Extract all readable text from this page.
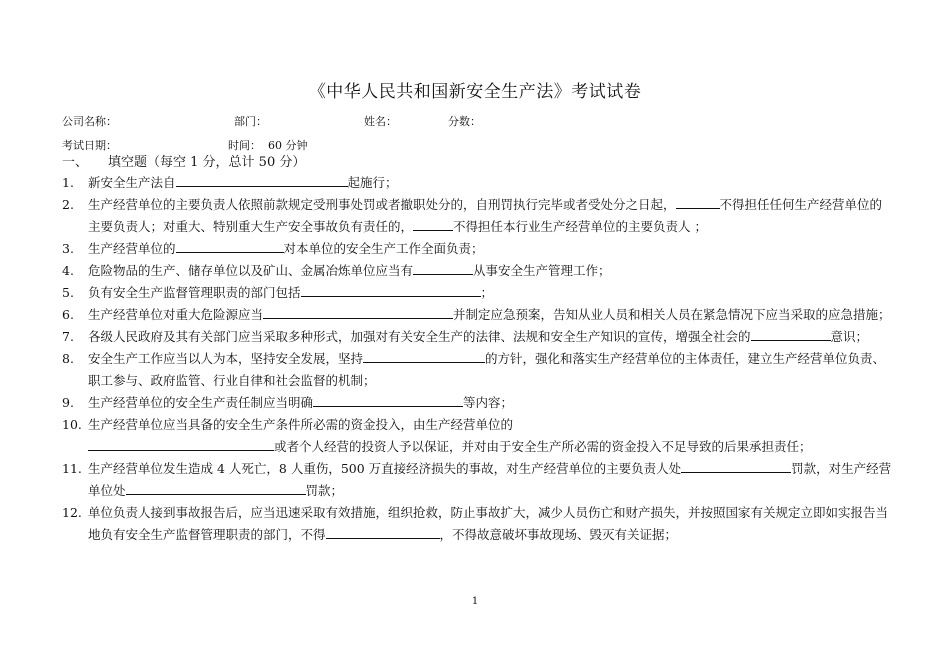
《中华人民共和国新安全生产法》考试试卷
公司名称：	部门：	姓名：	分数：
考试日期：	时间： 60 分钟
一、 填空题（每空 1 分，总计 50 分）
1. 新安全生产法自	起施行；
2. 生产经营单位的主要负责人依照前款规定受刑事处罚或者撤职处分的，自刑罚执行完毕或者受处分之日起，	不得担任任何生产经营单位的主要负责人；对重大、特别重大生产安全事故负有责任的，	不得担任本行业生产经营单位的主要负责人 ；
3. 生产经营单位的	对本单位的安全生产工作全面负责；
4. 危险物品的生产、储存单位以及矿山、金属冶炼单位应当有	从事安全生产管理工作；
5. 负有安全生产监督管理职责的部门包括	；
6. 生产经营单位对重大危险源应当	并制定应急预案，告知从业人员和相关人员在紧急情况下应当采取的应急措施；
7. 各级人民政府及其有关部门应当采取多种形式，加强对有关安全生产的法律、法规和安全生产知识的宣传，增强全社会的	意识；
8. 安全生产工作应当以人为本，坚持安全发展，坚持	的方针，强化和落实生产经营单位的主体责任，建立生产经营单位负责、职工参与、政府监管、行业自律和社会监督的机制；
9. 生产经营单位的安全生产责任制应当明确	等内容；
10. 生产经营单位应当具备的安全生产条件所必需的资金投入，由生产经营单位的
或者个人经营的投资人予以保证，并对由于安全生产所必需的资金投入不足导致的后果承担责任；
11. 生产经营单位发生造成 4 人死亡，8 人重伤，500 万直接经济损失的事故，对生产经营单位的主要负责人处	罚款，对生产经营单位处	罚款；
12. 单位负责人接到事故报告后，应当迅速采取有效措施，组织抢救，防止事故扩大，减少人员伤亡和财产损失，并按照国家有关规定立即如实报告当地负有安全生产监督管理职责的部门，不得	，不得故意破坏事故现场、毁灭有关证据；
1
